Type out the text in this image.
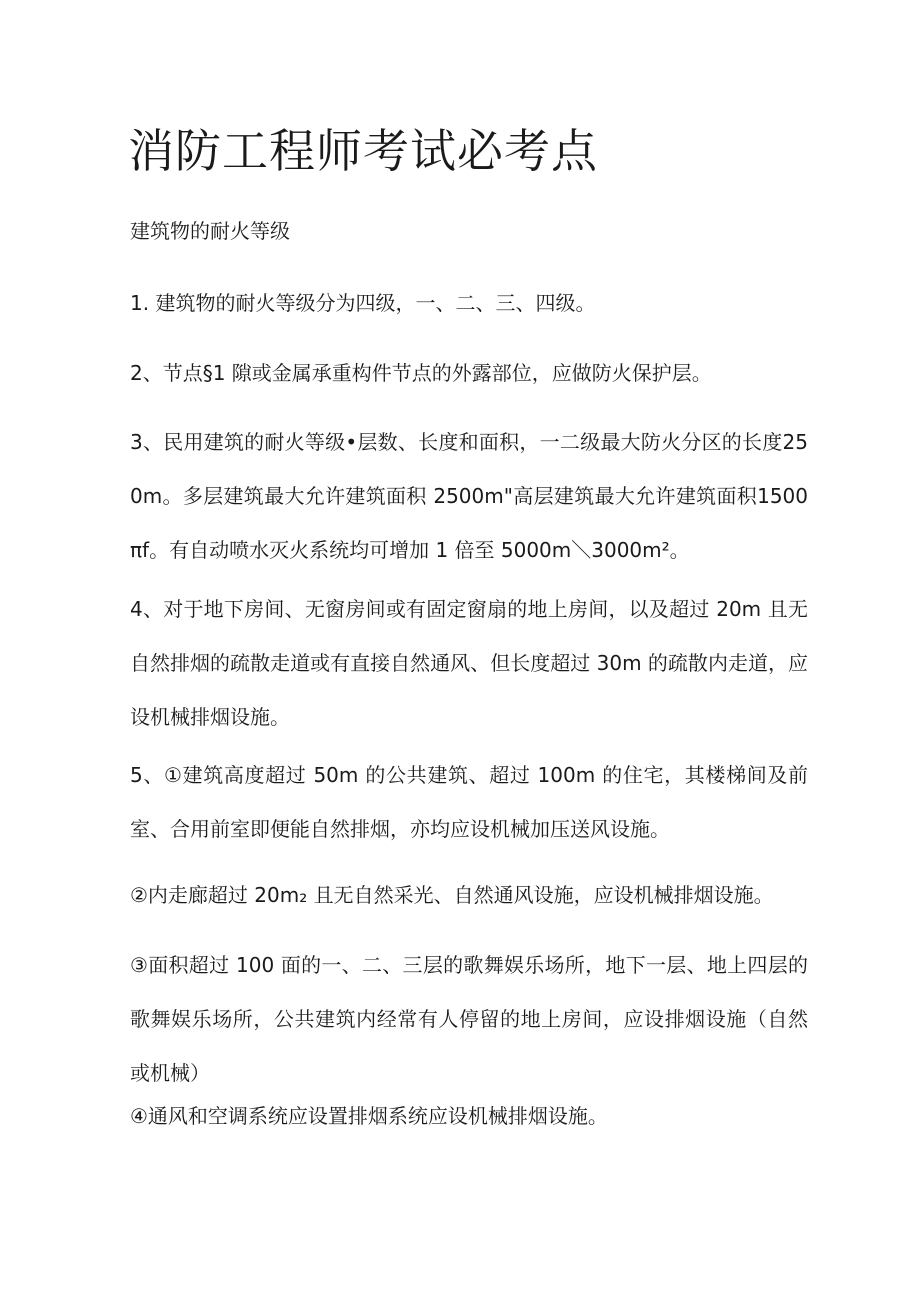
消防工程师考试必考点
建筑物的耐火等级

1. 建筑物的耐火等级分为四级，一、二、三、四级。

2、节点§1 隙或金属承重构件节点的外露部位，应做防火保护层。

3、民用建筑的耐火等级•层数、长度和面积，一二级最大防火分区的长度250m。多层建筑最大允许建筑面积 2500m"高层建筑最大允许建筑面积1500πf。有自动喷水灭火系统均可增加 1 倍至 5000m＼3000m²。

4、对于地下房间、无窗房间或有固定窗扇的地上房间，以及超过 20m 且无自然排烟的疏散走道或有直接自然通风、但长度超过 30m 的疏散内走道，应设机械排烟设施。

5、①建筑高度超过 50m 的公共建筑、超过 100m 的住宅，其楼梯间及前室、合用前室即便能自然排烟，亦均应设机械加压送风设施。

②内走廊超过 20m₂ 且无自然采光、自然通风设施，应设机械排烟设施。

③面积超过 100 面的一、二、三层的歌舞娱乐场所，地下一层、地上四层的歌舞娱乐场所，公共建筑内经常有人停留的地上房间，应设排烟设施（自然或机械）

④通风和空调系统应设置排烟系统应设机械排烟设施。
